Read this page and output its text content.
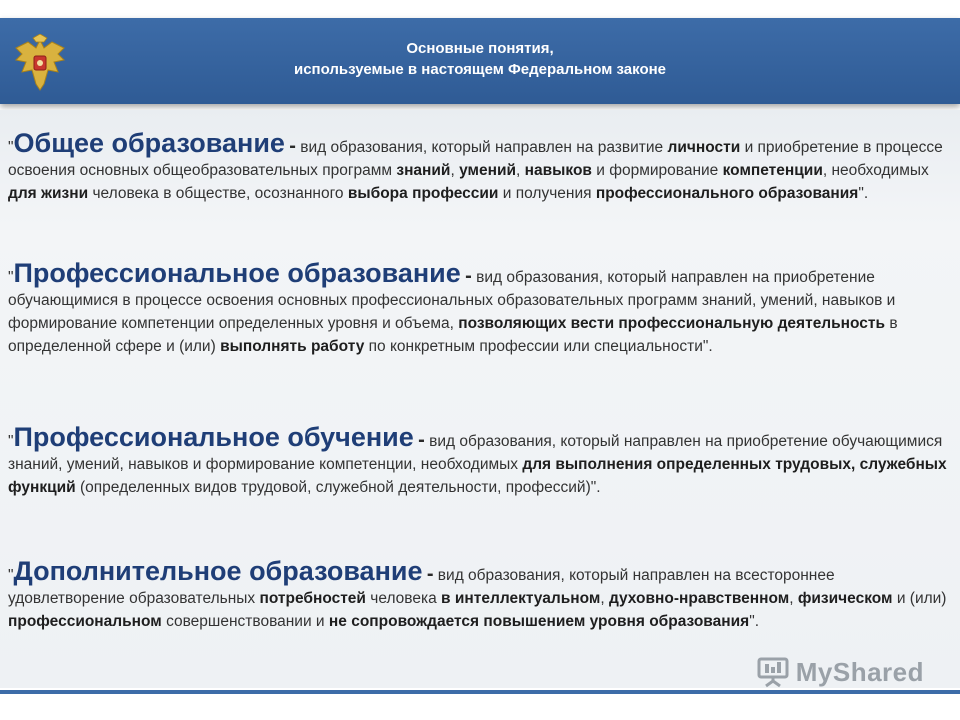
Основные понятия,
используемые в настоящем Федеральном законе
"Общее образование - вид образования, который направлен на развитие личности и приобретение в процессе освоения основных общеобразовательных программ знаний, умений, навыков и формирование компетенции, необходимых для жизни человека в обществе, осознанного выбора профессии и получения профессионального образования".
"Профессиональное образование - вид образования, который направлен на приобретение обучающимися в процессе освоения основных профессиональных образовательных программ знаний, умений, навыков и формирование компетенции определенных уровня и объема, позволяющих вести профессиональную деятельность в определенной сфере и (или) выполнять работу по конкретным профессии или специальности".
"Профессиональное обучение - вид образования, который направлен на приобретение обучающимися знаний, умений, навыков и формирование компетенции, необходимых для выполнения определенных трудовых, служебных функций (определенных видов трудовой, служебной деятельности, профессий)".
"Дополнительное образование - вид образования, который направлен на всестороннее удовлетворение образовательных потребностей человека в интеллектуальном, духовно-нравственном, физическом и (или) профессиональном совершенствовании и не сопровождается повышением уровня образования".
MyShared
